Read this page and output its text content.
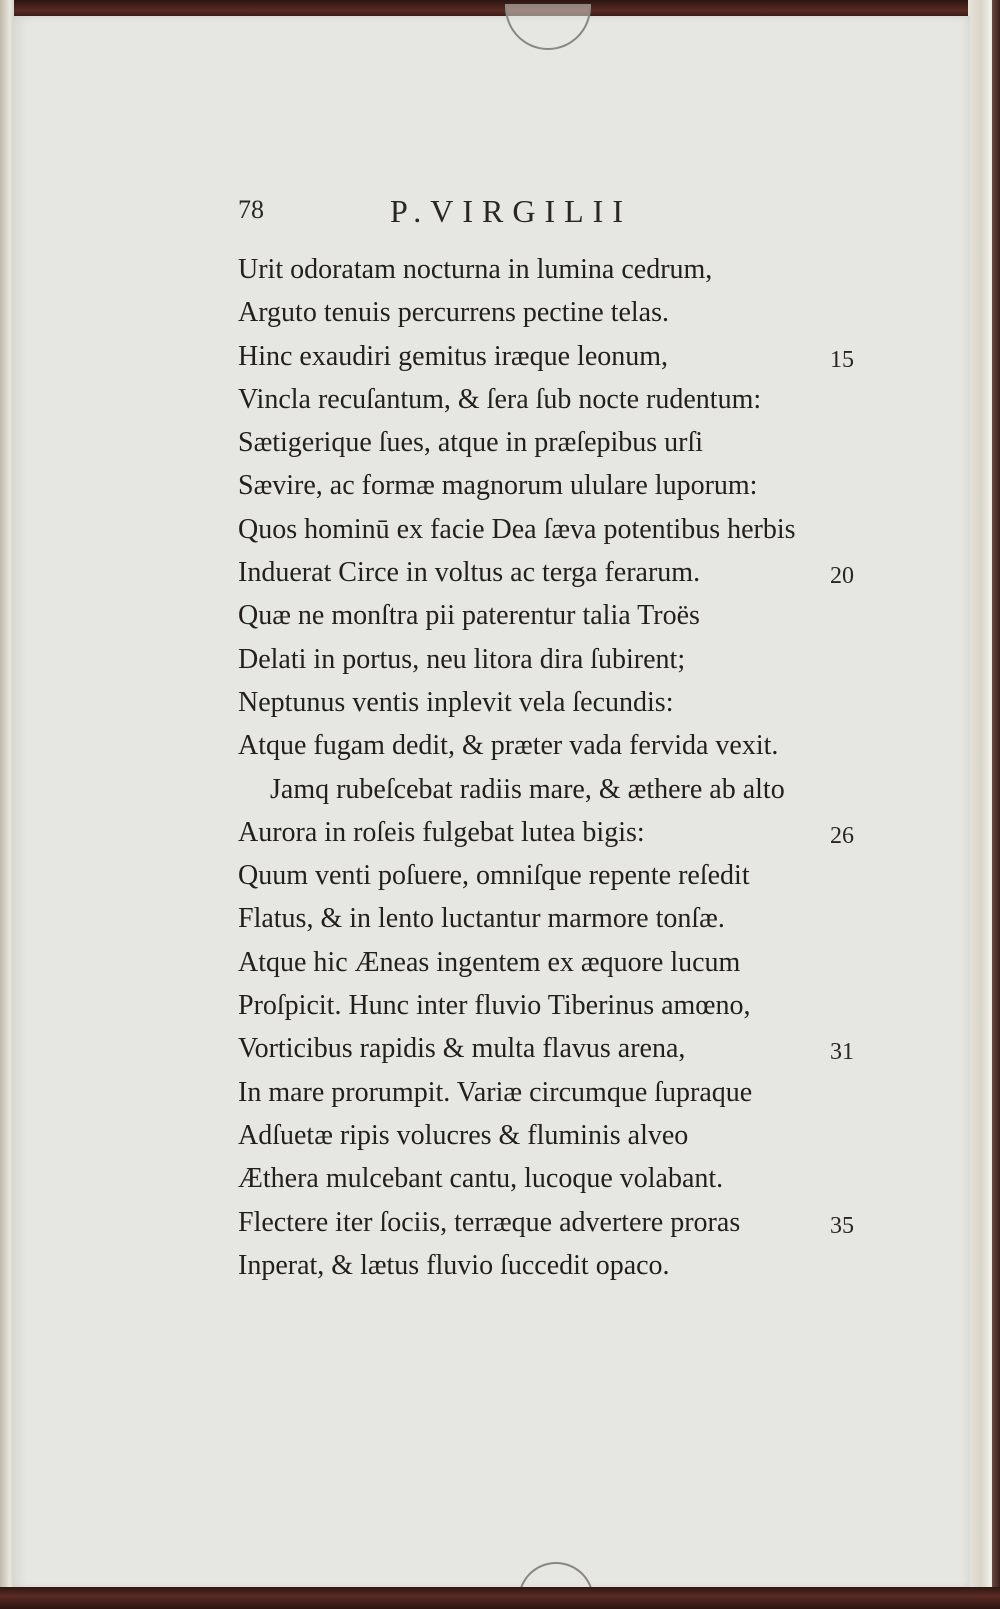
78	P.VIRGILII
Urit odoratam nocturna in lumina cedrum,
Arguto tenuis percurrens pectine telas.
Hinc exaudiri gemitus iræque leonum,	15
Vincla recuſantum, & ſera ſub nocte rudentum:
Sætigerique ſues, atque in præſepibus urſi
Sævire, ac formæ magnorum ululare luporum:
Quos hominū ex facie Dea ſæva potentibus herbis
Induerat Circe in voltus ac terga ferarum.	20
Quæ ne monſtra pii paterentur talia Troës
Delati in portus, neu litora dira ſubirent;
Neptunus ventis inplevit vela ſecundis:
Atque fugam dedit, & præter vada fervida vexit.
Jamq rubeſcebat radiis mare, & æthere ab alto
Aurora in roſeis fulgebat lutea bigis:	26
Quum venti poſuere, omniſque repente reſedit
Flatus, & in lento luctantur marmore tonſæ.
Atque hic Æneas ingentem ex æquore lucum
Proſpicit. Hunc inter fluvio Tiberinus amœno,
Vorticibus rapidis & multa flavus arena,	31
In mare prorumpit. Variæ circumque ſupraque
Adſuetæ ripis volucres & fluminis alveo
Æthera mulcebant cantu, lucoque volabant.
Flectere iter ſociis, terræque advertere proras	35
Inperat, & lætus fluvio ſuccedit opaco.
